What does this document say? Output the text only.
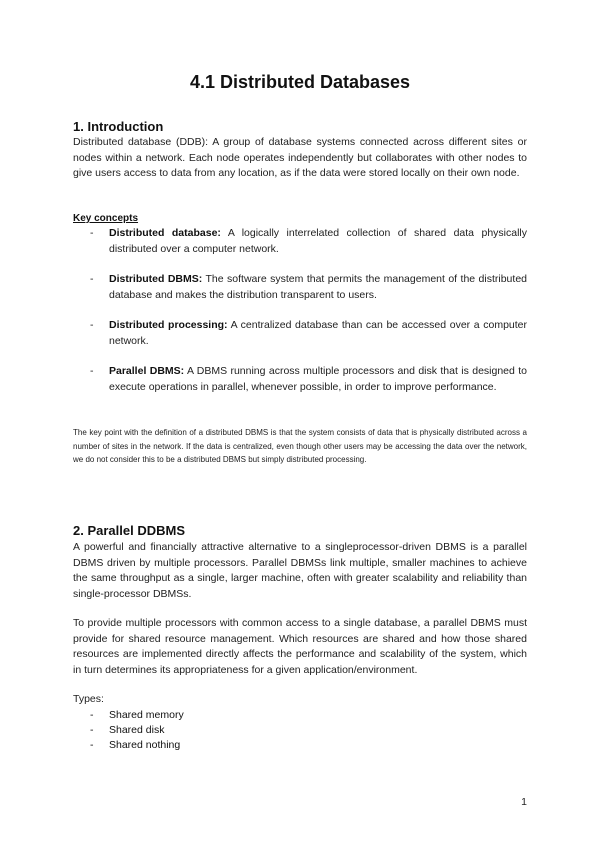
4.1 Distributed Databases
1. Introduction

Distributed database (DDB): A group of database systems connected across different sites or nodes within a network. Each node operates independently but collaborates with other nodes to give users access to data from any location, as if the data were stored locally on their own node.

Key concepts

- Distributed database: A logically interrelated collection of shared data physically distributed over a computer network.

- Distributed DBMS: The software system that permits the management of the distributed database and makes the distribution transparent to users.

- Distributed processing: A centralized database than can be accessed over a computer network.

- Parallel DBMS: A DBMS running across multiple processors and disk that is designed to execute operations in parallel, whenever possible, in order to improve performance.

The key point with the definition of a distributed DBMS is that the system consists of data that is physically distributed across a number of sites in the network. If the data is centralized, even though other users may be accessing the data over the network, we do not consider this to be a distributed DBMS but simply distributed processing.

2. Parallel DDBMS

A powerful and financially attractive alternative to a singleprocessor-driven DBMS is a parallel DBMS driven by multiple processors. Parallel DBMSs link multiple, smaller machines to achieve the same throughput as a single, larger machine, often with greater scalability and reliability than single-processor DBMSs.

To provide multiple processors with common access to a single database, a parallel DBMS must provide for shared resource management. Which resources are shared and how those shared resources are implemented directly affects the performance and scalability of the system, which in turn determines its appropriateness for a given application/environment.

Types:

- Shared memory
- Shared disk
- Shared nothing

1
